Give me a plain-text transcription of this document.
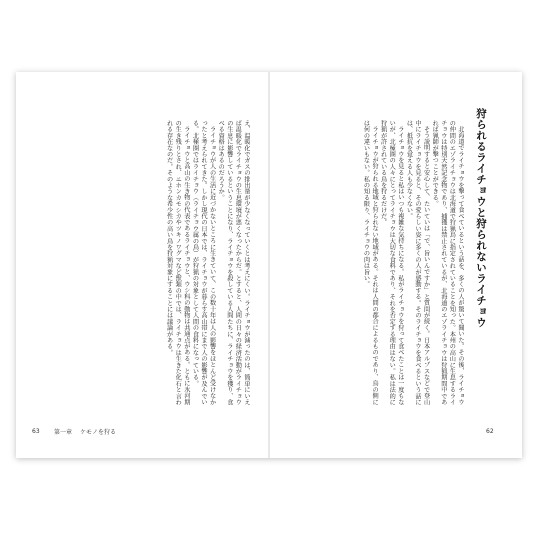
え、温暖化でガスの排出量が少なくなっていくとは考えにくい。ライチョウが減ったのは、簡単にいえば温暖化でライチョウの生息環境が悪くなったからだ。とすると、人間の日々の経済活動がライチョウの生息に影響しているということになり、ライチョウを殺している人間たちに、ライチョウを獲り、食べる資格はあるのだろうか。

ライチョウが人の生活に近づかないところに生きていて、この数十年は人の影響をほとんど受けなかったと考えられてきた。しかし現代の日本では、ライチョウが暮らす高山帯にまで人の影響が及んでいる。北極圏ではライチョウ（ライチョウ属の鳥）が狩猟の対象として人間の食料になっている。

ライチョウと高山の生き物の代表であるライチョウと、ウシ科の動物は共通点がある。ともに氷河期の生き残りとされ、ニホンカモシカやツキノワグマなど獣類の中では、ライチョウは生きた化石と言われる存在なのだ。そのような希少性の高い鳥を狩猟対象にすることには議論がある。

63 第一章 ケモノを狩る
狩られるライチョウと狩られないライチョウ

北海道でライチョウを撃って食べているという話を、多くの人が驚いて聞いた。その後、ライチョウの仲間のエゾライチョウは北海道で狩猟鳥に指定されていることを知った。本州の高山に生息するライチョウは特別天然記念物であり、捕獲は禁止されているが、北海道のエゾライチョウは狩猟期間中であれば猟師が撃つことができる。

そう説明すると安心して、たいていは「で、旨いんですか」と質問が続く。日本アルプスなどで登山中にライチョウを見ると、その愛らしい姿に多くの人が感動する。そのライチョウを食べるという話には、抵抗を覚える人も少なくない。

ライチョウを見ると私はいつも複雑な気持ちになる。私がライチョウを狩って食べたことは一度もないが、北極圏の人々にとってライチョウは大切な食料であり、それを否定する理由はない。私は法的に狩猟が許されている鳥を狩るだけだ。

ライチョウが狩られる地域と狩られない地域がある。それは人間の都合によるものであり、鳥の側には何の違いもない。私の知る限り、ライチョウの肉は旨い。

62
